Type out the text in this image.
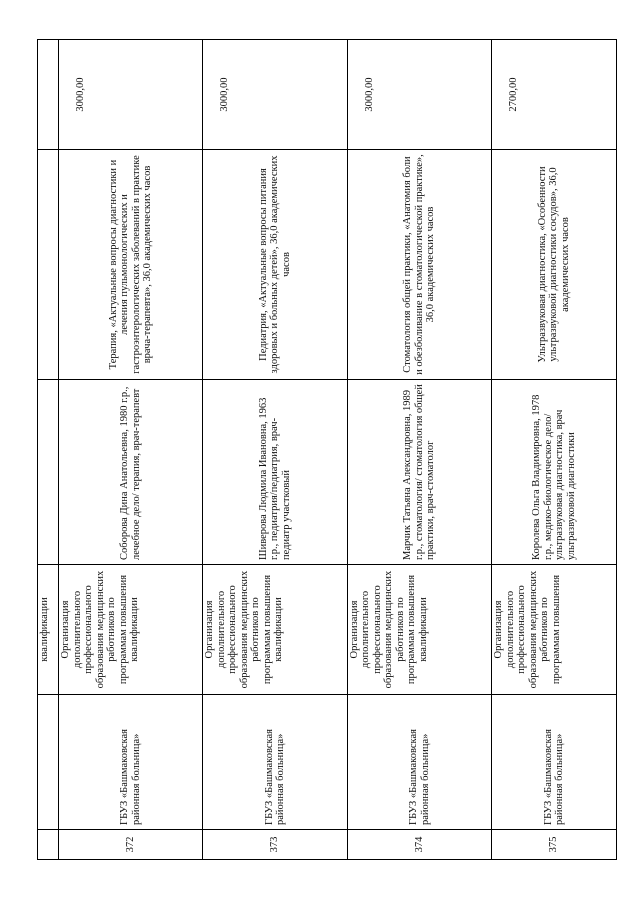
		квалификации			
372	ГБУЗ «Башмаковская районная больница»	Организация дополнительного профессионального образования медицинских работников по программам повышения квалификации	Соборова Дина Анатольевна, 1980 г.р., лечебное дело/ терапия, врач-терапевт	Терапия, «Актуальные вопросы диагностики и лечения пульмонологических и гастроэнтерологических заболеваний в практике врача-терапевта», 36,0 академических часов	3000,00
373	ГБУЗ «Башмаковская районная больница»	Организация дополнительного профессионального образования медицинских работников по программам повышения квалификации	Шиверова Людмила Ивановна, 1963 г.р., педиатрия/педиатрия, врач-педиатр участковый	Педиатрия, «Актуальные вопросы питания здоровых и больных детей», 36,0 академических часов	3000,00
374	ГБУЗ «Башмаковская районная больница»	Организация дополнительного профессионального образования медицинских работников по программам повышения квалификации	Марчик Татьяна Александровна, 1989 г.р., стоматология/ стоматология общей практики, врач-стоматолог	Стоматология общей практики, «Анатомия боли и обезболивание в стоматологической практике», 36,0 академических часов	3000,00
375	ГБУЗ «Башмаковская районная больница»	Организация дополнительного профессионального образования медицинских работников по программам повышения	Королева Ольга Владимировна, 1978 г.р., медико-биологическое дело/ультразвуковая диагностика, врач ультразвуковой диагностики	Ультразвуковая диагностика, «Особенности ультразвуковой диагностики сосудов», 36,0 академических часов	2700,00
